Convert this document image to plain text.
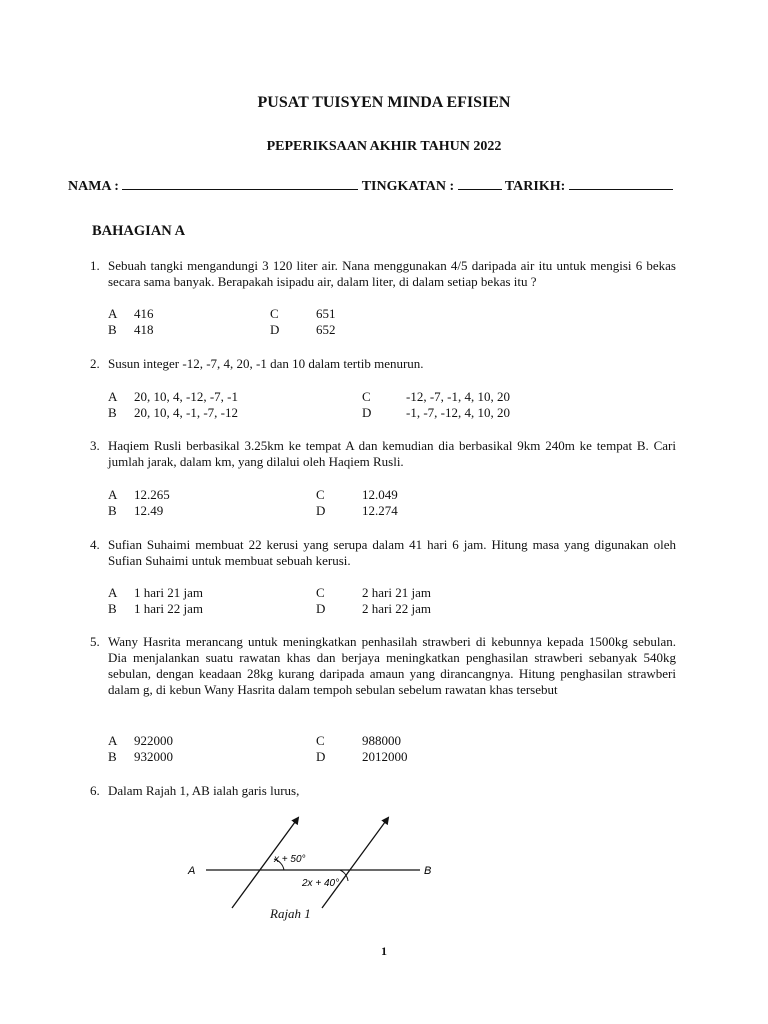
PUSAT TUISYEN MINDA EFISIEN
PEPERIKSAAN AKHIR TAHUN 2022
NAMA :	TINGKATAN :	TARIKH:
BAHAGIAN A
1. Sebuah tangki mengandungi 3 120 liter air. Nana menggunakan 4/5 daripada air itu untuk mengisi 6 bekas secara sama banyak. Berapakah isipadu air, dalam liter, di dalam setiap bekas itu ?
A 416	C	651
B 418	D	652
2. Susun integer -12, -7, 4, 20, -1 dan 10 dalam tertib menurun.
A 20, 10, 4, -12, -7, -1	C	-12, -7, -1, 4, 10, 20
B 20, 10, 4, -1, -7, -12	D	-1, -7, -12, 4, 10, 20
3. Haqiem Rusli berbasikal 3.25km ke tempat A dan kemudian dia berbasikal 9km 240m ke tempat B. Cari jumlah jarak, dalam km, yang dilalui oleh Haqiem Rusli.
A 12.265	C	12.049
B 12.49	D	12.274
4. Sufian Suhaimi membuat 22 kerusi yang serupa dalam 41 hari 6 jam. Hitung masa yang digunakan oleh Sufian Suhaimi untuk membuat sebuah kerusi.
A 1 hari 21 jam	C	2 hari 21 jam
B 1 hari 22 jam	D	2 hari 22 jam
5. Wany Hasrita merancang untuk meningkatkan penhasilah strawberi di kebunnya kepada 1500kg sebulan. Dia menjalankan suatu rawatan khas dan berjaya meningkatkan penghasilan strawberi sebanyak 540kg sebulan, dengan keadaan 28kg kurang daripada amaun yang dirancangnya. Hitung penghasilan strawberi dalam g, di kebun Wany Hasrita dalam tempoh sebulan sebelum rawatan khas tersebut
A 922000	C	988000
B 932000	D	2012000
6. Dalam Rajah 1, AB ialah garis lurus,
A	B
x + 50°
2x + 40°
Rajah 1
1
